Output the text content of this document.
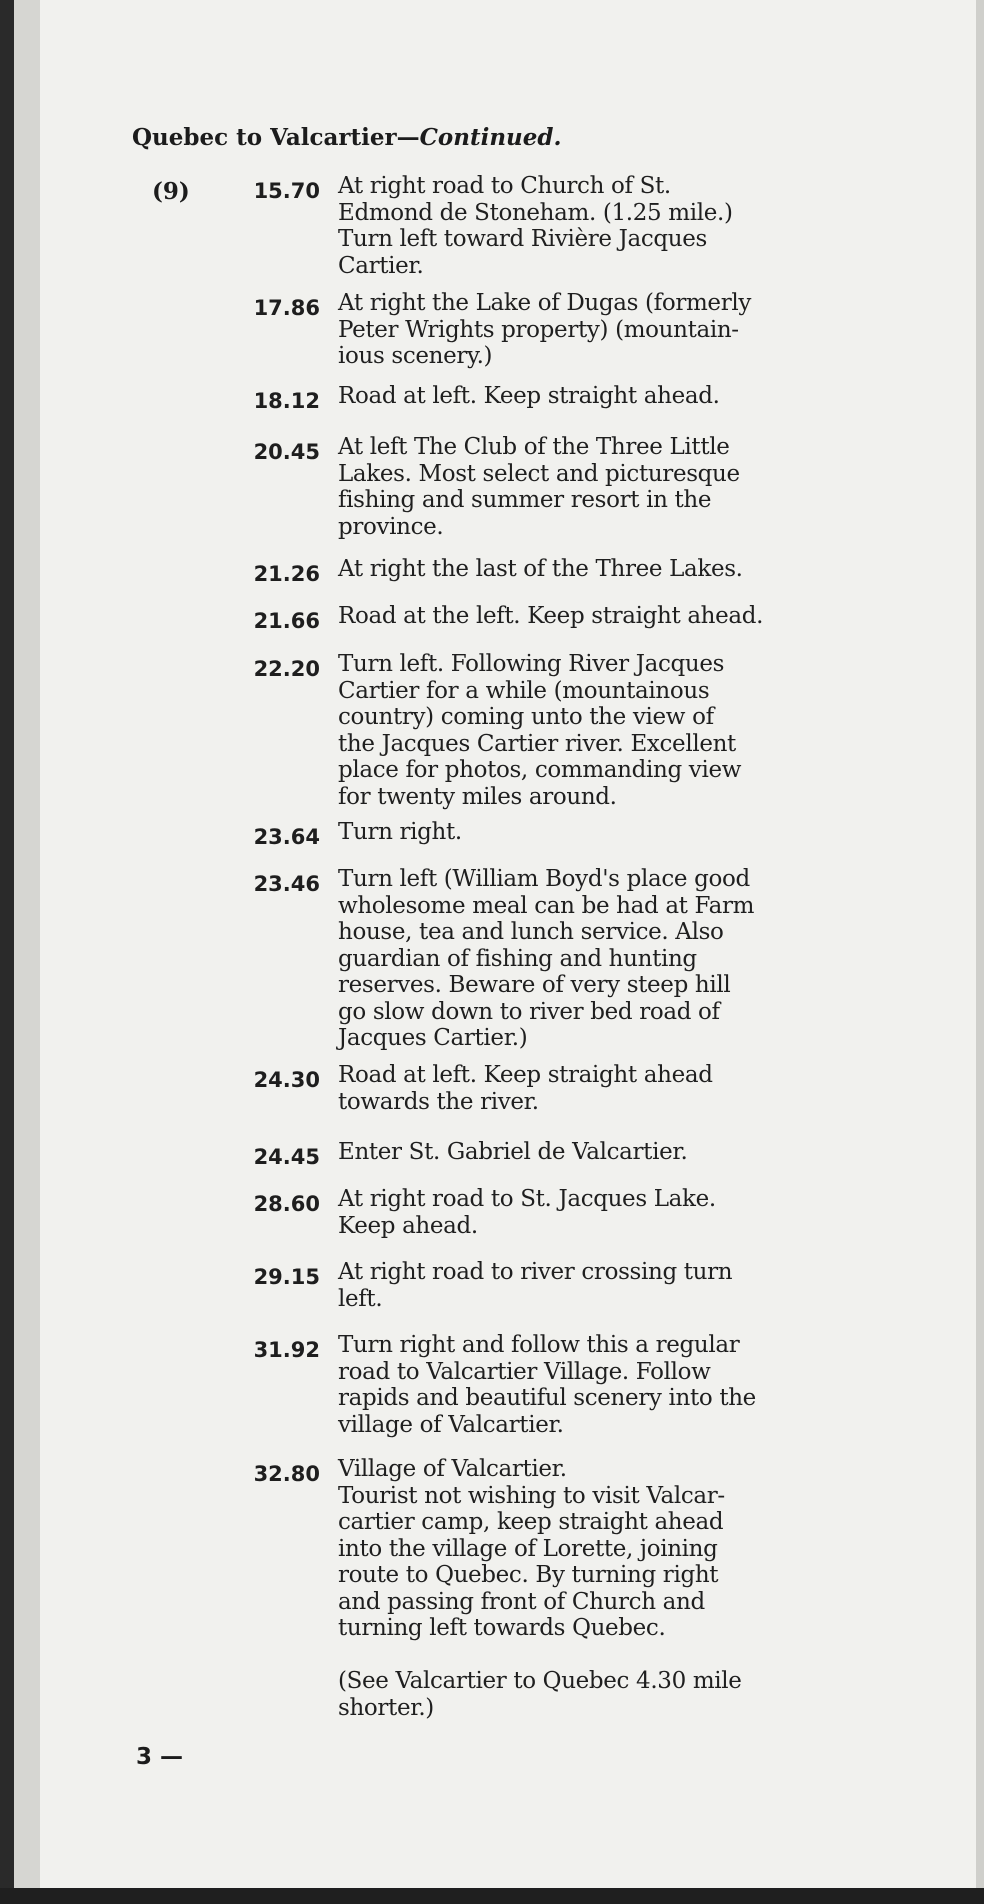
Quebec to Valcartier—Continued.
(9)	15.70 At right road to Church of St.
Edmond de Stoneham. (1.25 mile.)
Turn left toward Rivière Jacques
Cartier.
17.86 At right the Lake of Dugas (formerly
Peter Wrights property) (mountain-
ious scenery.)
18.12 Road at left. Keep straight ahead.
20.45 At left The Club of the Three Little
Lakes. Most select and picturesque
fishing and summer resort in the
province.
21.26 At right the last of the Three Lakes.
21.66 Road at the left. Keep straight ahead.
22.20 Turn left. Following River Jacques
Cartier for a while (mountainous
country) coming unto the view of
the Jacques Cartier river. Excellent
place for photos, commanding view
for twenty miles around.
23.64 Turn right.
23.46 Turn left (William Boyd's place good
wholesome meal can be had at Farm
house, tea and lunch service. Also
guardian of fishing and hunting
reserves. Beware of very steep hill
go slow down to river bed road of
Jacques Cartier.)
24.30 Road at left. Keep straight ahead
towards the river.
24.45 Enter St. Gabriel de Valcartier.
28.60 At right road to St. Jacques Lake.
Keep ahead.
29.15 At right road to river crossing turn
left.
31.92 Turn right and follow this a regular
road to Valcartier Village. Follow
rapids and beautiful scenery into the
village of Valcartier.
32.80 Village of Valcartier.
Tourist not wishing to visit Valcar-
cartier camp, keep straight ahead
into the village of Lorette, joining
route to Quebec. By turning right
and passing front of Church and
turning left towards Quebec.
(See Valcartier to Quebec 4.30 mile
shorter.)
3 —
